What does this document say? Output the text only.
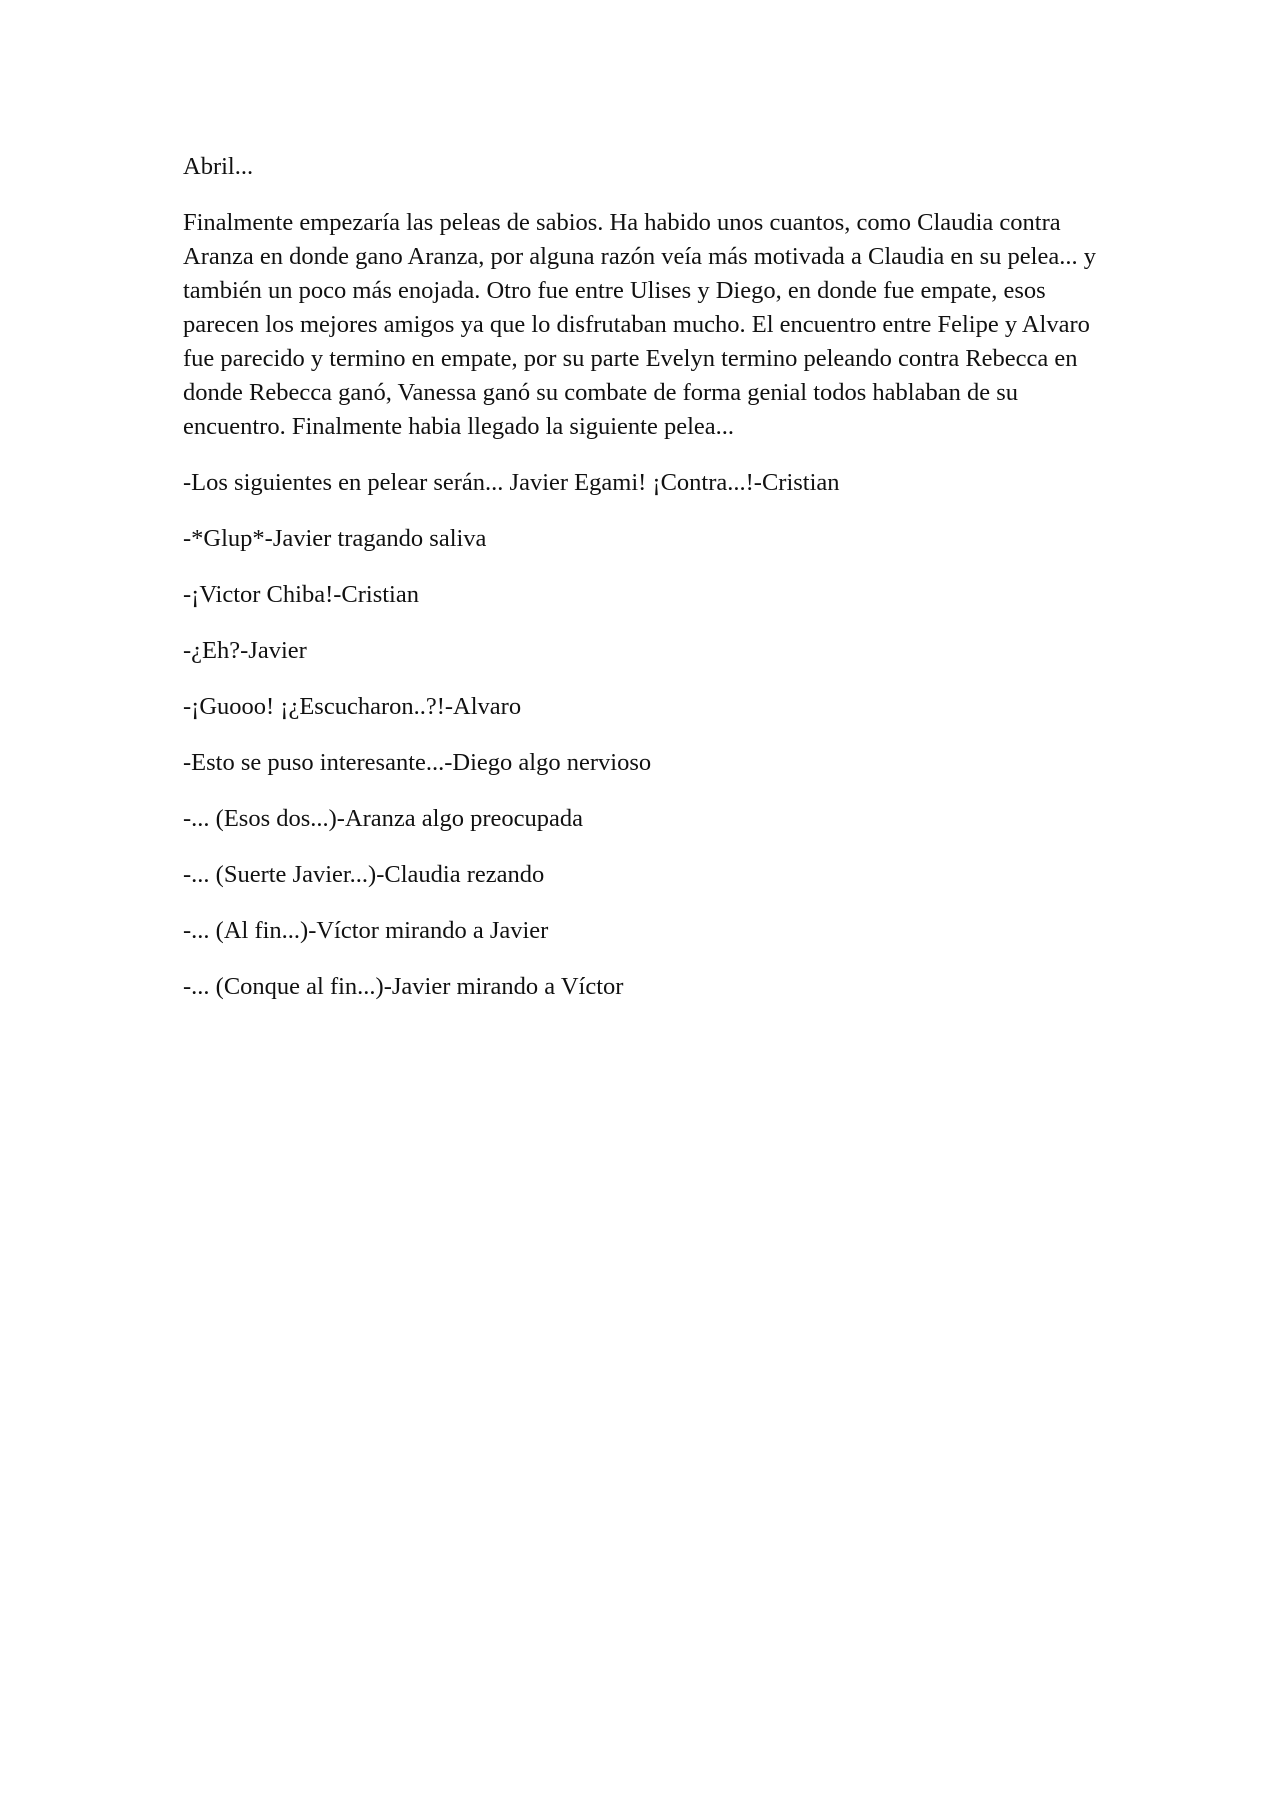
Abril...

Finalmente empezaría las peleas de sabios. Ha habido unos cuantos, como Claudia contra Aranza en donde gano Aranza, por alguna razón veía más motivada a Claudia en su pelea... y también un poco más enojada. Otro fue entre Ulises y Diego, en donde fue empate, esos parecen los mejores amigos ya que lo disfrutaban mucho. El encuentro entre Felipe y Alvaro fue parecido y termino en empate, por su parte Evelyn termino peleando contra Rebecca en donde Rebecca ganó, Vanessa ganó su combate de forma genial todos hablaban de su encuentro. Finalmente habia llegado la siguiente pelea...

-Los siguientes en pelear serán... Javier Egami! ¡Contra...!-Cristian

-*Glup*-Javier tragando saliva

-¡Victor Chiba!-Cristian

-¿Eh?-Javier

-¡Guooo! ¡¿Escucharon..?!-Alvaro

-Esto se puso interesante...-Diego algo nervioso

-... (Esos dos...)-Aranza algo preocupada

-... (Suerte Javier...)-Claudia rezando

-... (Al fin...)-Víctor mirando a Javier

-... (Conque al fin...)-Javier mirando a Víctor
